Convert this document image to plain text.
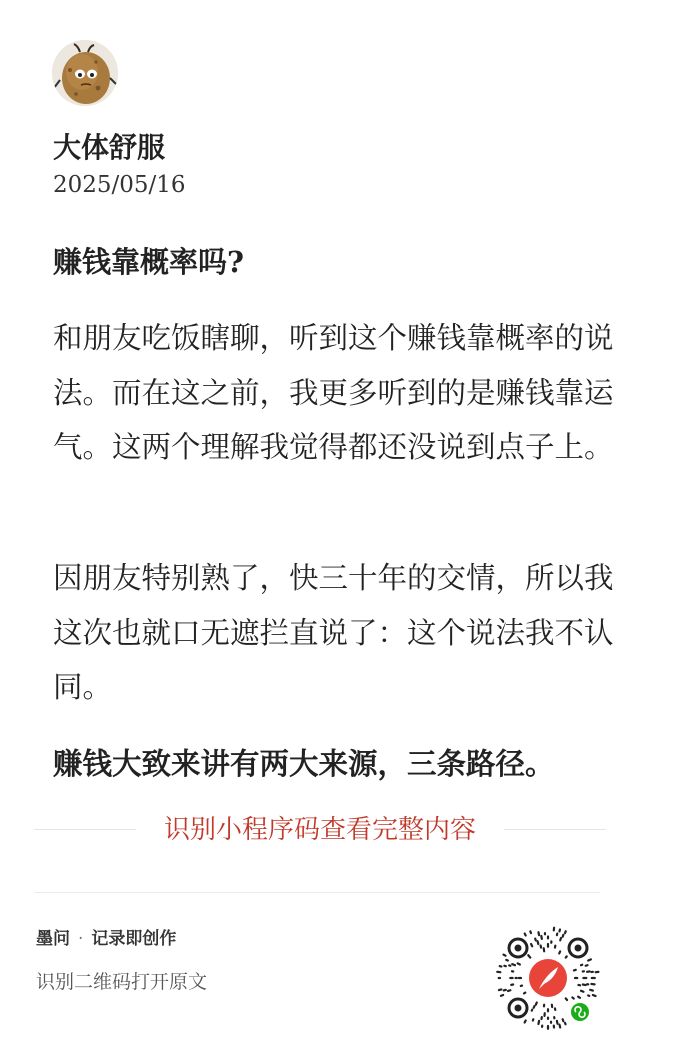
大体舒服
2025/05/16
赚钱靠概率吗?

和朋友吃饭瞎聊，听到这个赚钱靠概率的说法。而在这之前，我更多听到的是赚钱靠运气。这两个理解我觉得都还没说到点子上。

因朋友特别熟了，快三十年的交情，所以我这次也就口无遮拦直说了：这个说法我不认同。

赚钱大致来讲有两大来源，三条路径。

识别小程序码查看完整内容
墨问 · 记录即创作
识别二维码打开原文
